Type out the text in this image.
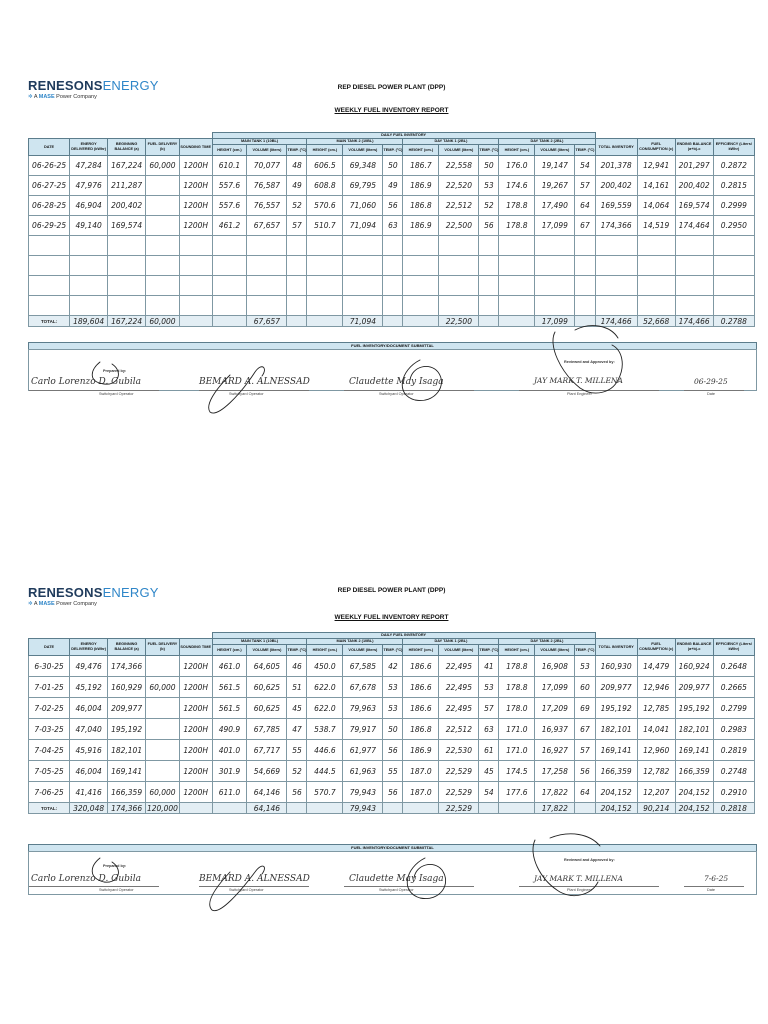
RENESONSENERGY
✲ A MASE Power Company
REP DIESEL POWER PLANT (DPP)
WEEKLY FUEL INVENTORY REPORT
					DAILY FUEL INVENTORY															
DATE	ENERGY DELIVERED (kWhr)	BEGINNING BALANCE (a)	FUEL DELIVERY (b)	SOUNDING TIME	MAIN TANK 1 (10BL)			MAIN TANK 2 (10BL)			DAY TANK 1 (2BL)			DAY TANK 2 (2BL)			TOTAL INVENTORY	FUEL CONSUMPTION (c)	ENDING BALANCE (a+b)-c	EFFICIENCY (Liters/ kWhr)
					HEIGHT (cm.)	VOLUME (liters)	TEMP. (°C)	HEIGHT (cm.)	VOLUME (liters)	TEMP. (°C)	HEIGHT (cm.)	VOLUME (liters)	TEMP. (°C)	HEIGHT (cm.)	VOLUME (liters)	TEMP. (°C)				
06-26-25	47,284	167,224	60,000	1200H	610.1	70,077	48	606.5	69,348	50	186.7	22,558	50	176.0	19,147	54	201,378	12,941	201,297	0.2872
06-27-25	47,976	211,287		1200H	557.6	76,587	49	608.8	69,795	49	186.9	22,520	53	174.6	19,267	57	200,402	14,161	200,402	0.2815
06-28-25	46,904	200,402		1200H	557.6	76,557	52	570.6	71,060	56	186.8	22,512	52	178.8	17,490	64	169,559	14,064	169,574	0.2999
06-29-25	49,140	169,574		1200H	461.2	67,657	57	510.7	71,094	63	186.9	22,500	56	178.8	17,099	67	174,366	14,519	174,464	0.2950

TOTAL:	189,604	167,224	60,000			67,657			71,094			22,500			17,099		174,466	52,668	174,466	0.2788
FUEL INVENTORY/DOCUMENT SUBMITTAL
Prepared by:
Carlo Lorenzo D. Gubila
Switchyard Operator
BEMARD A. ALNESSAD
Switchyard Operator
Claudette May Isaga
Switchyard Operator
Reviewed and Approved by:
JAY MARK T. MILLENA
Plant Engineer
06-29-25
Date
RENESONSENERGY
✲ A MASE Power Company
REP DIESEL POWER PLANT (DPP)
WEEKLY FUEL INVENTORY REPORT
					DAILY FUEL INVENTORY															
DATE	ENERGY DELIVERED (kWhr)	BEGINNING BALANCE (a)	FUEL DELIVERY (b)	SOUNDING TIME	MAIN TANK 1 (10BL)			MAIN TANK 2 (10BL)			DAY TANK 1 (2BL)			DAY TANK 2 (2BL)			TOTAL INVENTORY	FUEL CONSUMPTION (c)	ENDING BALANCE (a+b)-c	EFFICIENCY (Liters/ kWhr)
					HEIGHT (cm.)	VOLUME (liters)	TEMP. (°C)	HEIGHT (cm.)	VOLUME (liters)	TEMP. (°C)	HEIGHT (cm.)	VOLUME (liters)	TEMP. (°C)	HEIGHT (cm.)	VOLUME (liters)	TEMP. (°C)				
6-30-25	49,476	174,366		1200H	461.0	64,605	46	450.0	67,585	42	186.6	22,495	41	178.8	16,908	53	160,930	14,479	160,924	0.2648
7-01-25	45,192	160,929	60,000	1200H	561.5	60,625	51	622.0	67,678	53	186.6	22,495	53	178.8	17,099	60	209,977	12,946	209,977	0.2665
7-02-25	46,004	209,977		1200H	561.5	60,625	45	622.0	79,963	53	186.6	22,495	57	178.0	17,209	69	195,192	12,785	195,192	0.2799
7-03-25	47,040	195,192		1200H	490.9	67,785	47	538.7	79,917	50	186.8	22,512	63	171.0	16,937	67	182,101	14,041	182,101	0.2983
7-04-25	45,916	182,101		1200H	401.0	67,717	55	446.6	61,977	56	186.9	22,530	61	171.0	16,927	57	169,141	12,960	169,141	0.2819
7-05-25	46,004	169,141		1200H	301.9	54,669	52	444.5	61,963	55	187.0	22,529	45	174.5	17,258	56	166,359	12,782	166,359	0.2748
7-06-25	41,416	166,359	60,000	1200H	611.0	64,146	56	570.7	79,943	56	187.0	22,529	54	177.6	17,822	64	204,152	12,207	204,152	0.2910
TOTAL:	320,048	174,366	120,000			64,146			79,943			22,529			17,822		204,152	90,214	204,152	0.2818
FUEL INVENTORY/DOCUMENT SUBMITTAL
Prepared by:
Carlo Lorenzo D. Gubila
Switchyard Operator
BEMARD A. ALNESSAD
Switchyard Operator
Claudette May Isaga
Switchyard Operator
Reviewed and Approved by:
JAY MARK T. MILLENA
Plant Engineer
7-6-25
Date
